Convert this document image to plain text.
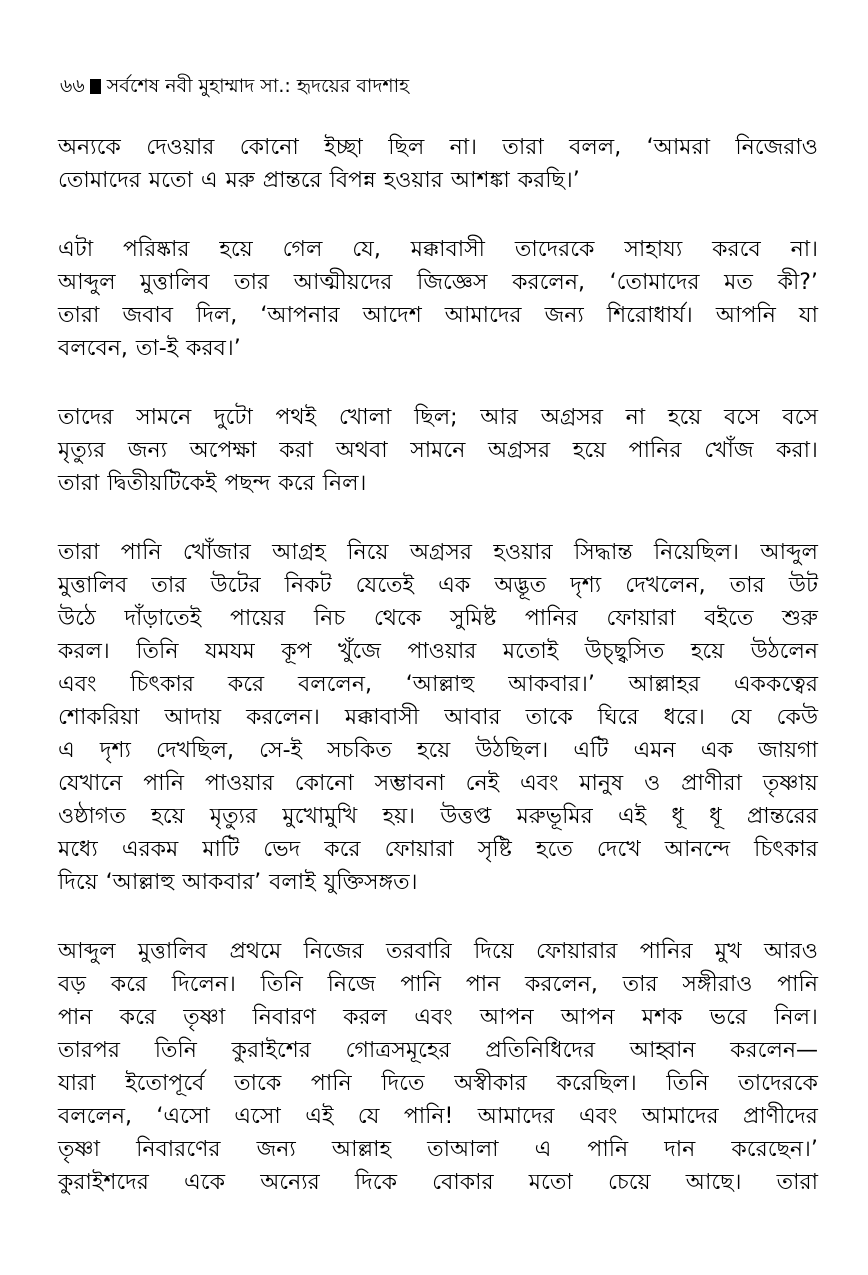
৬৬ সর্বশেষ নবী মুহাম্মাদ সা.: হৃদয়ের বাদশাহ
অন্যকে দেওয়ার কোনো ইচ্ছা ছিল না। তারা বলল, ‘আমরা নিজেরাও
তোমাদের মতো এ মরু প্রান্তরে বিপন্ন হওয়ার আশঙ্কা করছি।’
এটা পরিষ্কার হয়ে গেল যে, মক্কাবাসী তাদেরকে সাহায্য করবে না।
আব্দুল মুত্তালিব তার আত্মীয়দের জিজ্ঞেস করলেন, ‘তোমাদের মত কী?’
তারা জবাব দিল, ‘আপনার আদেশ আমাদের জন্য শিরোধার্য। আপনি যা
বলবেন, তা-ই করব।’
তাদের সামনে দুটো পথই খোলা ছিল; আর অগ্রসর না হয়ে বসে বসে
মৃত্যুর জন্য অপেক্ষা করা অথবা সামনে অগ্রসর হয়ে পানির খোঁজ করা।
তারা দ্বিতীয়টিকেই পছন্দ করে নিল।
তারা পানি খোঁজার আগ্রহ নিয়ে অগ্রসর হওয়ার সিদ্ধান্ত নিয়েছিল। আব্দুল
মুত্তালিব তার উটের নিকট যেতেই এক অদ্ভূত দৃশ্য দেখলেন, তার উট
উঠে দাঁড়াতেই পায়ের নিচ থেকে সুমিষ্ট পানির ফোয়ারা বইতে শুরু
করল। তিনি যমযম কূপ খুঁজে পাওয়ার মতোই উচ্ছ্বসিত হয়ে উঠলেন
এবং চিৎকার করে বললেন, ‘আল্লাহু আকবার।’ আল্লাহর এককত্বের
শোকরিয়া আদায় করলেন। মক্কাবাসী আবার তাকে ঘিরে ধরে। যে কেউ
এ দৃশ্য দেখছিল, সে-ই সচকিত হয়ে উঠছিল। এটি এমন এক জায়গা
যেখানে পানি পাওয়ার কোনো সম্ভাবনা নেই এবং মানুষ ও প্রাণীরা তৃষ্ণায়
ওষ্ঠাগত হয়ে মৃত্যুর মুখোমুখি হয়। উত্তপ্ত মরুভূমির এই ধূ ধূ প্রান্তরের
মধ্যে এরকম মাটি ভেদ করে ফোয়ারা সৃষ্টি হতে দেখে আনন্দে চিৎকার
দিয়ে ‘আল্লাহু আকবার’ বলাই যুক্তিসঙ্গত।
আব্দুল মুত্তালিব প্রথমে নিজের তরবারি দিয়ে ফোয়ারার পানির মুখ আরও
বড় করে দিলেন। তিনি নিজে পানি পান করলেন, তার সঙ্গীরাও পানি
পান করে তৃষ্ণা নিবারণ করল এবং আপন আপন মশক ভরে নিল।
তারপর তিনি কুরাইশের গোত্রসমূহের প্রতিনিধিদের আহ্বান করলেন—
যারা ইতোপূর্বে তাকে পানি দিতে অস্বীকার করেছিল। তিনি তাদেরকে
বললেন, ‘এসো এসো এই যে পানি! আমাদের এবং আমাদের প্রাণীদের
তৃষ্ণা নিবারণের জন্য আল্লাহ তাআলা এ পানি দান করেছেন।’
কুরাইশদের একে অন্যের দিকে বোকার মতো চেয়ে আছে। তারা
